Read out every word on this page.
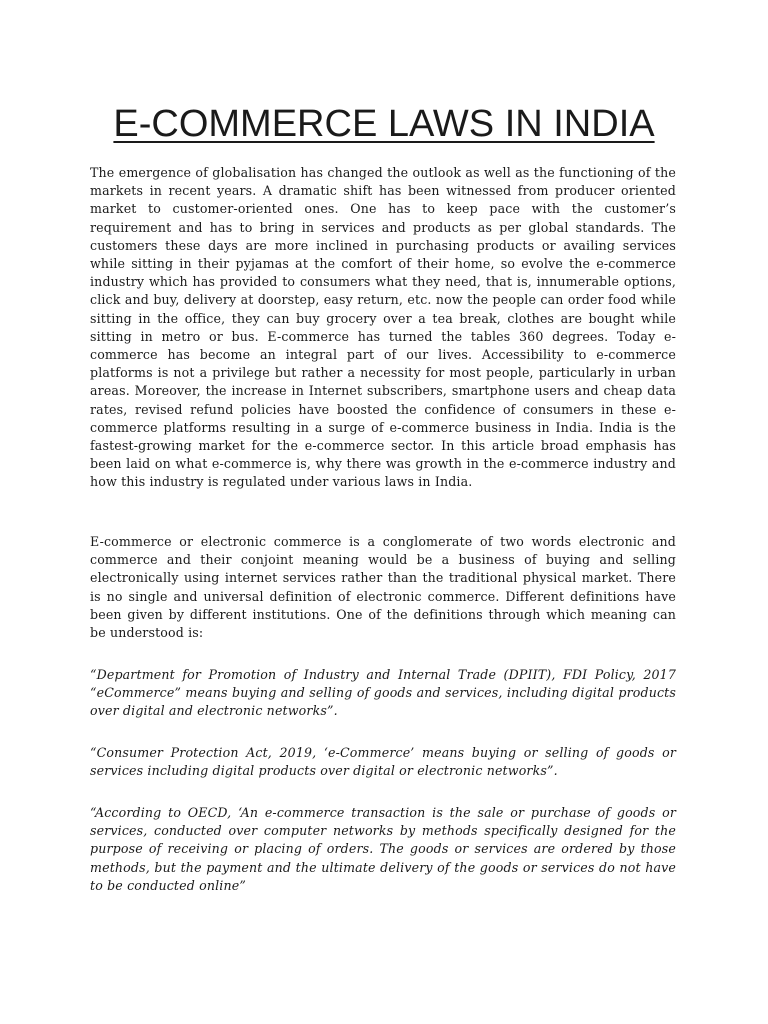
E-COMMERCE LAWS IN INDIA

The emergence of globalisation has changed the outlook as well as the functioning of the markets in recent years. A dramatic shift has been witnessed from producer oriented market to customer-oriented ones. One has to keep pace with the customer’s requirement and has to bring in services and products as per global standards. The customers these days are more inclined in purchasing products or availing services while sitting in their pyjamas at the comfort of their home, so evolve the e-commerce industry which has provided to consumers what they need, that is, innumerable options, click and buy, delivery at doorstep, easy return, etc. now the people can order food while sitting in the office, they can buy grocery over a tea break, clothes are bought while sitting in metro or bus. E-commerce has turned the tables 360 degrees. Today e-commerce has become an integral part of our lives. Accessibility to e-commerce platforms is not a privilege but rather a necessity for most people, particularly in urban areas. Moreover, the increase in Internet subscribers, smartphone users and cheap data rates, revised refund policies have boosted the confidence of consumers in these e-commerce platforms resulting in a surge of e-commerce business in India. India is the fastest-growing market for the e-commerce sector. In this article broad emphasis has been laid on what e-commerce is, why there was growth in the e-commerce industry and how this industry is regulated under various laws in India.

E-commerce or electronic commerce is a conglomerate of two words electronic and commerce and their conjoint meaning would be a business of buying and selling electronically using internet services rather than the traditional physical market. There is no single and universal definition of electronic commerce. Different definitions have been given by different institutions. One of the definitions through which meaning can be understood is:

“Department for Promotion of Industry and Internal Trade (DPIIT), FDI Policy, 2017 “eCommerce” means buying and selling of goods and services, including digital products over digital and electronic networks”.

“Consumer Protection Act, 2019, ‘e-Commerce’ means buying or selling of goods or services including digital products over digital or electronic networks”.

“According to OECD, ‘An e-commerce transaction is the sale or purchase of goods or services, conducted over computer networks by methods specifically designed for the purpose of receiving or placing of orders. The goods or services are ordered by those methods, but the payment and the ultimate delivery of the goods or services do not have to be conducted online”
